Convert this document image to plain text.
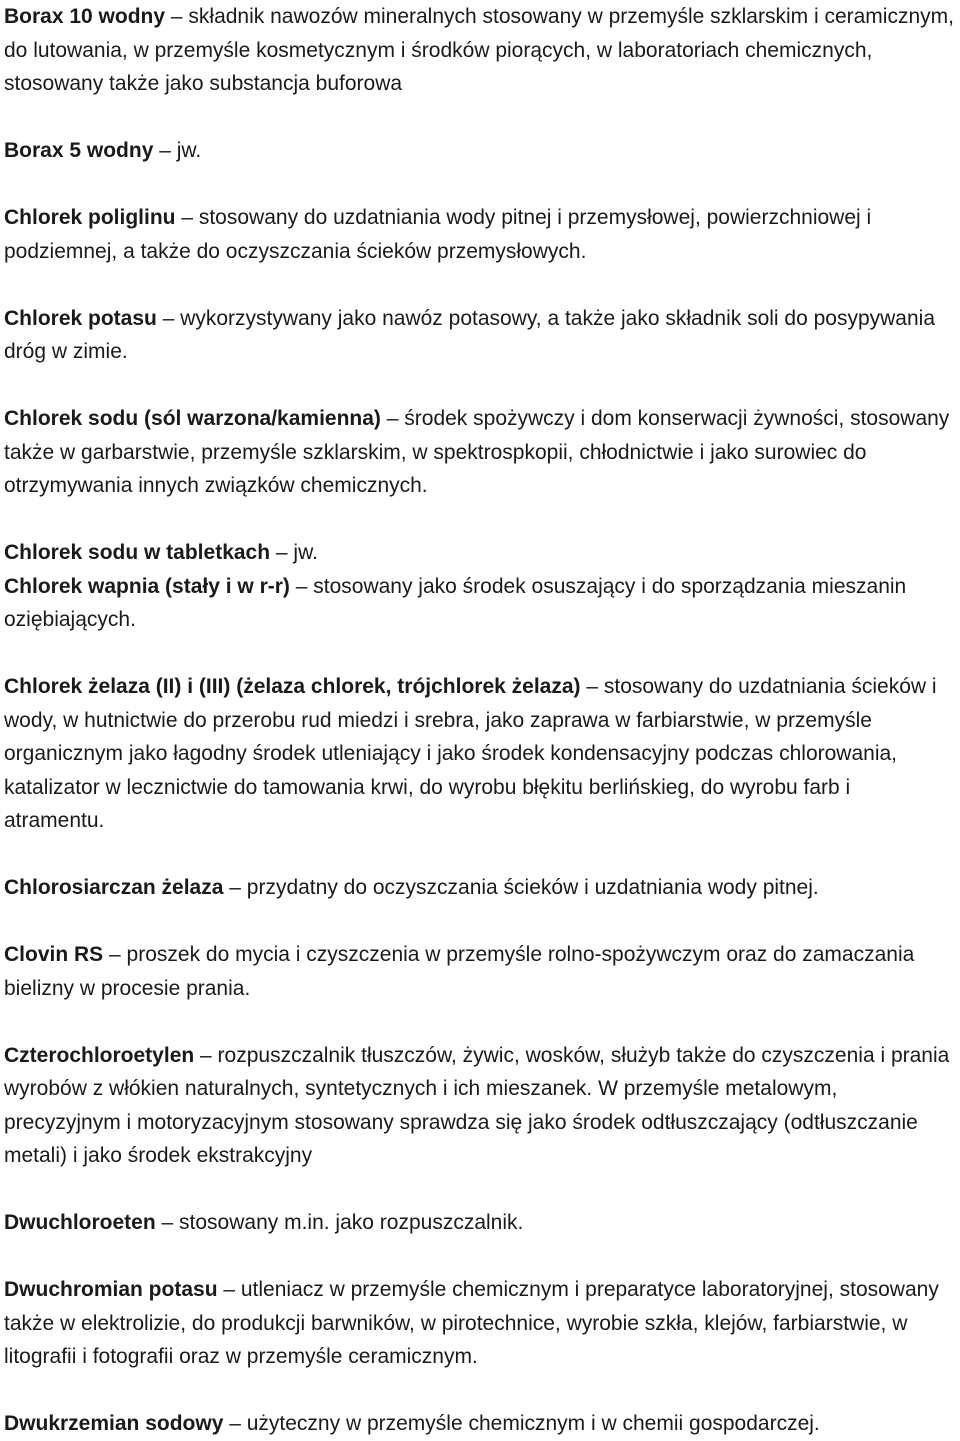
Borax 10 wodny – składnik nawozów mineralnych stosowany w przemyśle szklarskim i ceramicznym, do lutowania, w przemyśle kosmetycznym i środków piorących, w laboratoriach chemicznych, stosowany także jako substancja buforowa

Borax 5 wodny – jw.

Chlorek poliglinu – stosowany do uzdatniania wody pitnej i przemysłowej, powierzchniowej i podziemnej, a także do oczyszczania ścieków przemysłowych.

Chlorek potasu – wykorzystywany jako nawóz potasowy, a także jako składnik soli do posypywania dróg w zimie.

Chlorek sodu (sól warzona/kamienna) – środek spożywczy i dom konserwacji żywności, stosowany także w garbarstwie, przemyśle szklarskim, w spektrospkopii, chłodnictwie i jako surowiec do otrzymywania innych związków chemicznych.

Chlorek sodu w tabletkach – jw.

Chlorek wapnia (stały i w r-r) – stosowany jako środek osuszający i do sporządzania mieszanin oziębiających.

Chlorek żelaza (II) i (III) (żelaza chlorek, trójchlorek żelaza) – stosowany do uzdatniania ścieków i wody, w hutnictwie do przerobu rud miedzi i srebra, jako zaprawa w farbiarstwie, w przemyśle organicznym jako łagodny środek utleniający i jako środek kondensacyjny podczas chlorowania, katalizator w lecznictwie do tamowania krwi, do wyrobu błękitu berlińskieg, do wyrobu farb i atramentu.

Chlorosiarczan żelaza – przydatny do oczyszczania ścieków i uzdatniania wody pitnej.

Clovin RS – proszek do mycia i czyszczenia w przemyśle rolno-spożywczym oraz do zamaczania bielizny w procesie prania.

Czterochloroetylen – rozpuszczalnik tłuszczów, żywic, wosków, służyb także do czyszczenia i prania wyrobów z włókien naturalnych, syntetycznych i ich mieszanek. W przemyśle metalowym, precyzyjnym i motoryzacyjnym stosowany sprawdza się jako środek odtłuszczający (odtłuszczanie metali) i jako środek ekstrakcyjny

Dwuchloroeten – stosowany m.in. jako rozpuszczalnik.

Dwuchromian potasu – utleniacz w przemyśle chemicznym i preparatyce laboratoryjnej, stosowany także w elektrolizie, do produkcji barwników, w pirotechnice, wyrobie szkła, klejów, farbiarstwie, w litografii i fotografii oraz w przemyśle ceramicznym.

Dwukrzemian sodowy – użyteczny w przemyśle chemicznym i w chemii gospodarczej.
